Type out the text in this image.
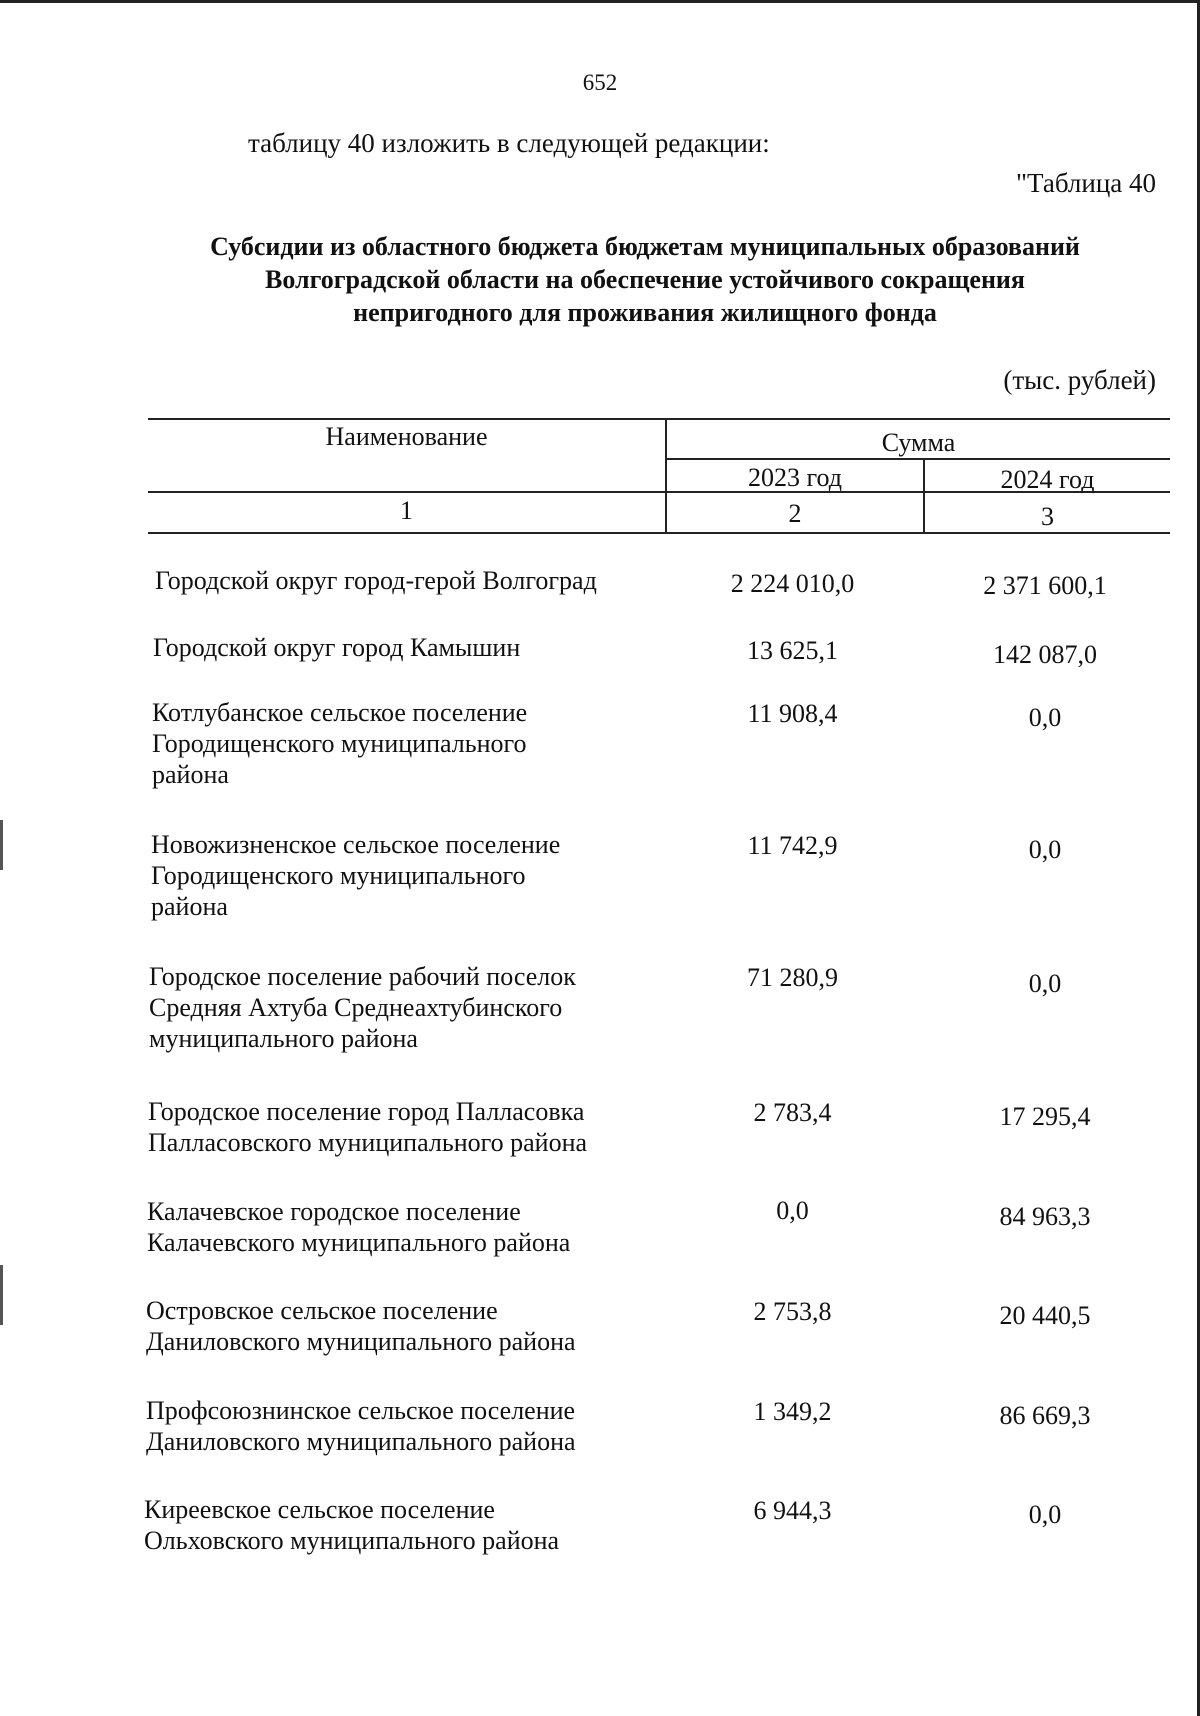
652
таблицу 40 изложить в следующей редакции:
"Таблица 40
Субсидии из областного бюджета бюджетам муниципальных образований
Волгоградской области на обеспечение устойчивого сокращения
непригодного для проживания жилищного фонда
(тыс. рублей)
Наименование	Сумма
2023 год	2024 год
1	2	3
Городской округ город-герой Волгоград	2 224 010,0	2 371 600,1
Городской округ город Камышин	13 625,1	142 087,0
Котлубанское сельское поселение
Городищенского муниципального
района
11 908,4	0,0
Новожизненское сельское поселение
Городищенского муниципального
района
11 742,9	0,0
Городское поселение рабочий поселок
Средняя Ахтуба Среднеахтубинского
муниципального района
71 280,9	0,0
Городское поселение город Палласовка
Палласовского муниципального района
2 783,4	17 295,4
Калачевское городское поселение
Калачевского муниципального района
0,0	84 963,3
Островское сельское поселение
Даниловского муниципального района
2 753,8	20 440,5
Профсоюзнинское сельское поселение
Даниловского муниципального района
1 349,2	86 669,3
Киреевское сельское поселение
Ольховского муниципального района
6 944,3	0,0
